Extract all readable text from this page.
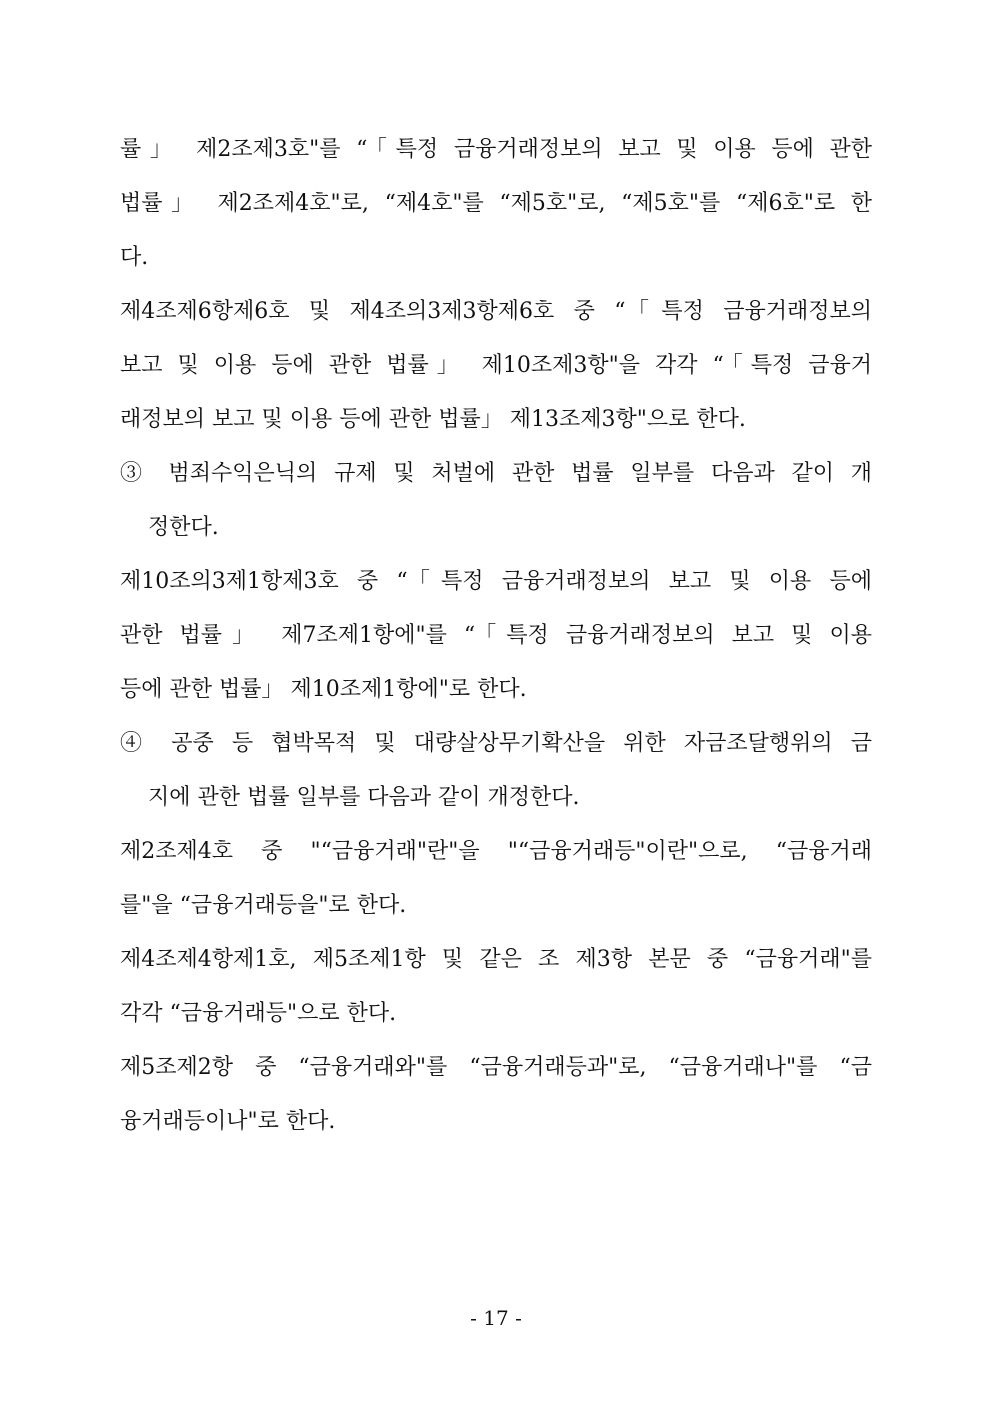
률」 제2조제3호"를 “「특정 금융거래정보의 보고 및 이용 등에 관한
법률」 제2조제4호"로, “제4호"를 “제5호"로, “제5호"를 “제6호"로 한
다.
제4조제6항제6호 및 제4조의3제3항제6호 중 “「특정 금융거래정보의
보고 및 이용 등에 관한 법률」 제10조제3항"을 각각 “「특정 금융거
래정보의 보고 및 이용 등에 관한 법률」 제13조제3항"으로 한다.
③ 범죄수익은닉의 규제 및 처벌에 관한 법률 일부를 다음과 같이 개
정한다.
제10조의3제1항제3호 중 “「특정 금융거래정보의 보고 및 이용 등에
관한 법률」 제7조제1항에"를 “「특정 금융거래정보의 보고 및 이용
등에 관한 법률」 제10조제1항에"로 한다.
④ 공중 등 협박목적 및 대량살상무기확산을 위한 자금조달행위의 금
지에 관한 법률 일부를 다음과 같이 개정한다.
제2조제4호 중 "“금융거래"란"을 "“금융거래등"이란"으로, “금융거래
를"을 “금융거래등을"로 한다.
제4조제4항제1호, 제5조제1항 및 같은 조 제3항 본문 중 “금융거래"를
각각 “금융거래등"으로 한다.
제5조제2항 중 “금융거래와"를 “금융거래등과"로, “금융거래나"를 “금
융거래등이나"로 한다.
- 17 -
